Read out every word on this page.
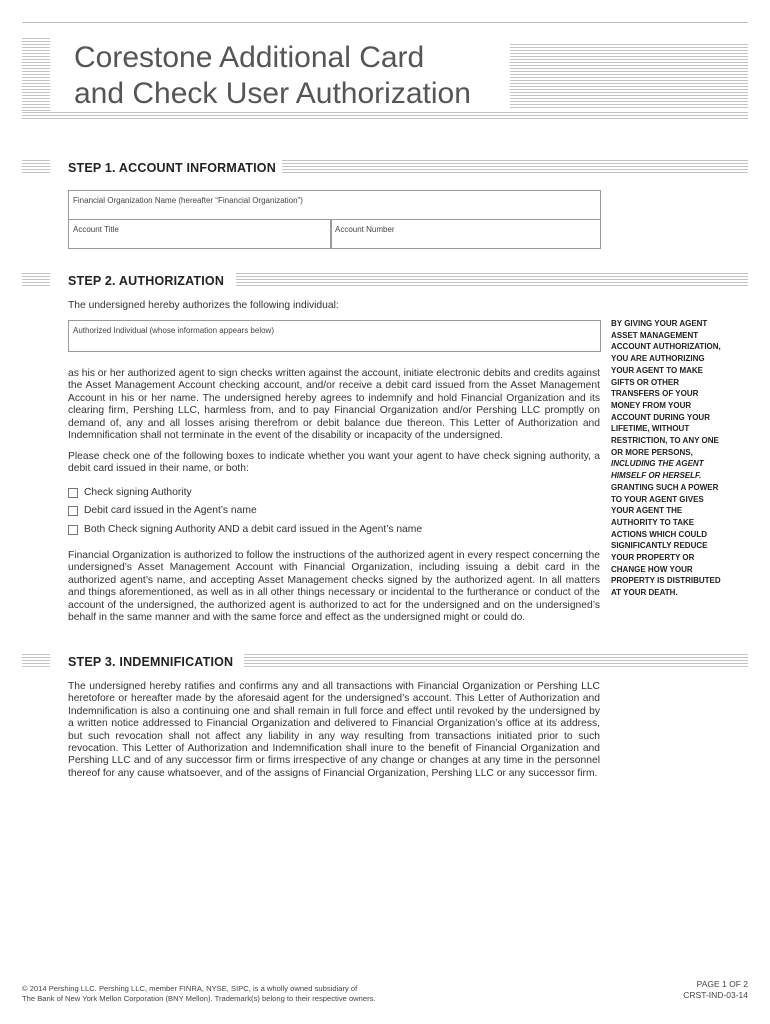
Corestone Additional Card
and Check User Authorization
STEP 1. ACCOUNT INFORMATION
Financial Organization Name (hereafter “Financial Organization”)
Account Title	Account Number
STEP 2. AUTHORIZATION

The undersigned hereby authorizes the following individual:

Authorized Individual (whose information appears below)

as his or her authorized agent to sign checks written against the account, initiate electronic debits and credits against the Asset Management Account checking account, and/or receive a debit card issued from the Asset Management Account in his or her name. The undersigned hereby agrees to indemnify and hold Financial Organization and its clearing firm, Pershing LLC, harmless from, and to pay Financial Organization and/or Pershing LLC promptly on demand of, any and all losses arising therefrom or debit balance due thereon. This Letter of Authorization and Indemnification shall not terminate in the event of the disability or incapacity of the undersigned.

Please check one of the following boxes to indicate whether you want your agent to have check signing authority, a debit card issued in their name, or both:

Check signing Authority
Debit card issued in the Agent’s name
Both Check signing Authority AND a debit card issued in the Agent’s name

Financial Organization is authorized to follow the instructions of the authorized agent in every respect concerning the undersigned’s Asset Management Account with Financial Organization, including issuing a debit card in the authorized agent’s name, and accepting Asset Management checks signed by the authorized agent. In all matters and things aforementioned, as well as in all other things necessary or incidental to the furtherance or conduct of the account of the undersigned, the authorized agent is authorized to act for the undersigned and on the undersigned’s behalf in the same manner and with the same force and effect as the undersigned might or could do.

BY GIVING YOUR AGENT ASSET MANAGEMENT ACCOUNT AUTHORIZATION, YOU ARE AUTHORIZING YOUR AGENT TO MAKE GIFTS OR OTHER TRANSFERS OF YOUR MONEY FROM YOUR ACCOUNT DURING YOUR LIFETIME, WITHOUT RESTRICTION, TO ANY ONE OR MORE PERSONS, INCLUDING THE AGENT HIMSELF OR HERSELF. GRANTING SUCH A POWER TO YOUR AGENT GIVES YOUR AGENT THE AUTHORITY TO TAKE ACTIONS WHICH COULD SIGNIFICANTLY REDUCE YOUR PROPERTY OR CHANGE HOW YOUR PROPERTY IS DISTRIBUTED AT YOUR DEATH.
STEP 3. INDEMNIFICATION

The undersigned hereby ratifies and confirms any and all transactions with Financial Organization or Pershing LLC heretofore or hereafter made by the aforesaid agent for the undersigned’s account. This Letter of Authorization and Indemnification is also a continuing one and shall remain in full force and effect until revoked by the undersigned by a written notice addressed to Financial Organization and delivered to Financial Organization’s office at its address, but such revocation shall not affect any liability in any way resulting from transactions initiated prior to such revocation. This Letter of Authorization and Indemnification shall inure to the benefit of Financial Organization and Pershing LLC and of any successor firm or firms irrespective of any change or changes at any time in the personnel thereof for any cause whatsoever, and of the assigns of Financial Organization, Pershing LLC or any successor firm.

© 2014 Pershing LLC. Pershing LLC, member FINRA, NYSE, SIPC, is a wholly owned subsidiary of
The Bank of New York Mellon Corporation (BNY Mellon). Trademark(s) belong to their respective owners.
PAGE 1 OF 2
CRST-IND-03-14
